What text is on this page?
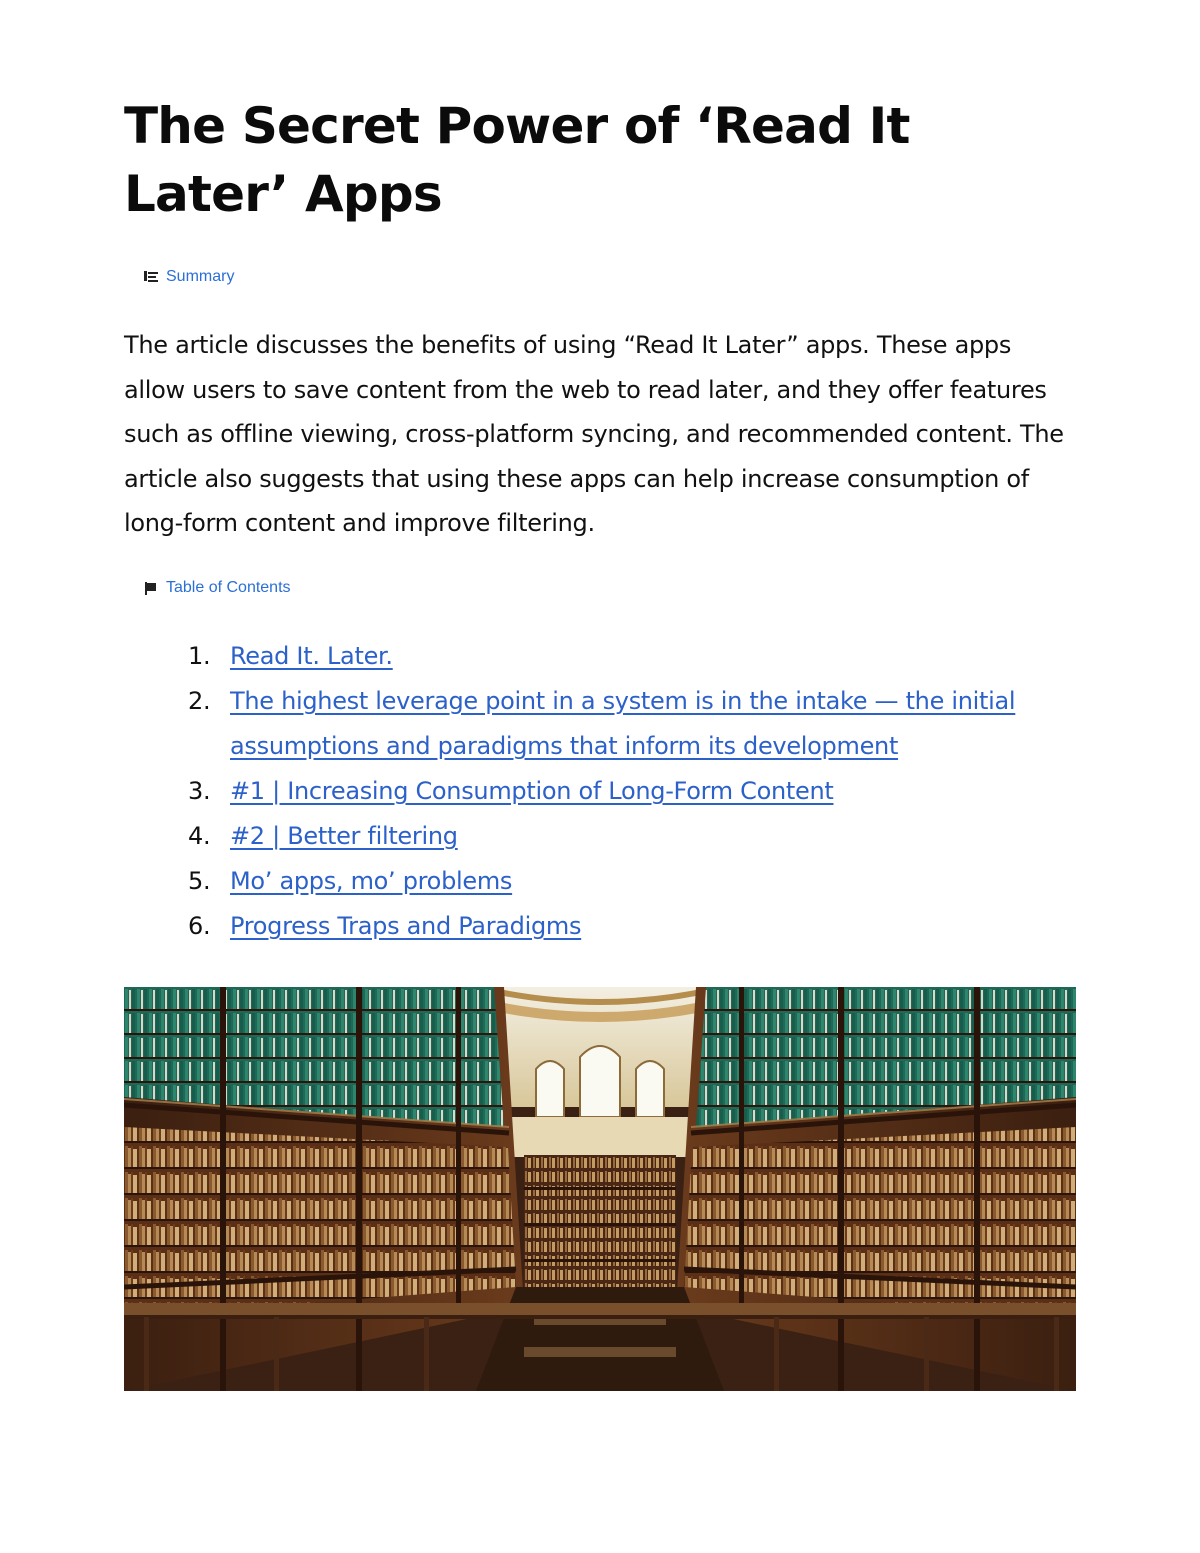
The Secret Power of ‘Read It Later’ Apps
Summary

The article discusses the benefits of using “Read It Later” apps. These apps allow users to save content from the web to read later, and they offer features such as offline viewing, cross-platform syncing, and recommended content. The article also suggests that using these apps can help increase consumption of long-form content and improve filtering.

Table of Contents
1. Read It. Later.
2. The highest leverage point in a system is in the intake — the initial assumptions and paradigms that inform its development
3. #1 | Increasing Consumption of Long-Form Content
4. #2 | Better filtering
5. Mo’ apps, mo’ problems
6. Progress Traps and Paradigms
